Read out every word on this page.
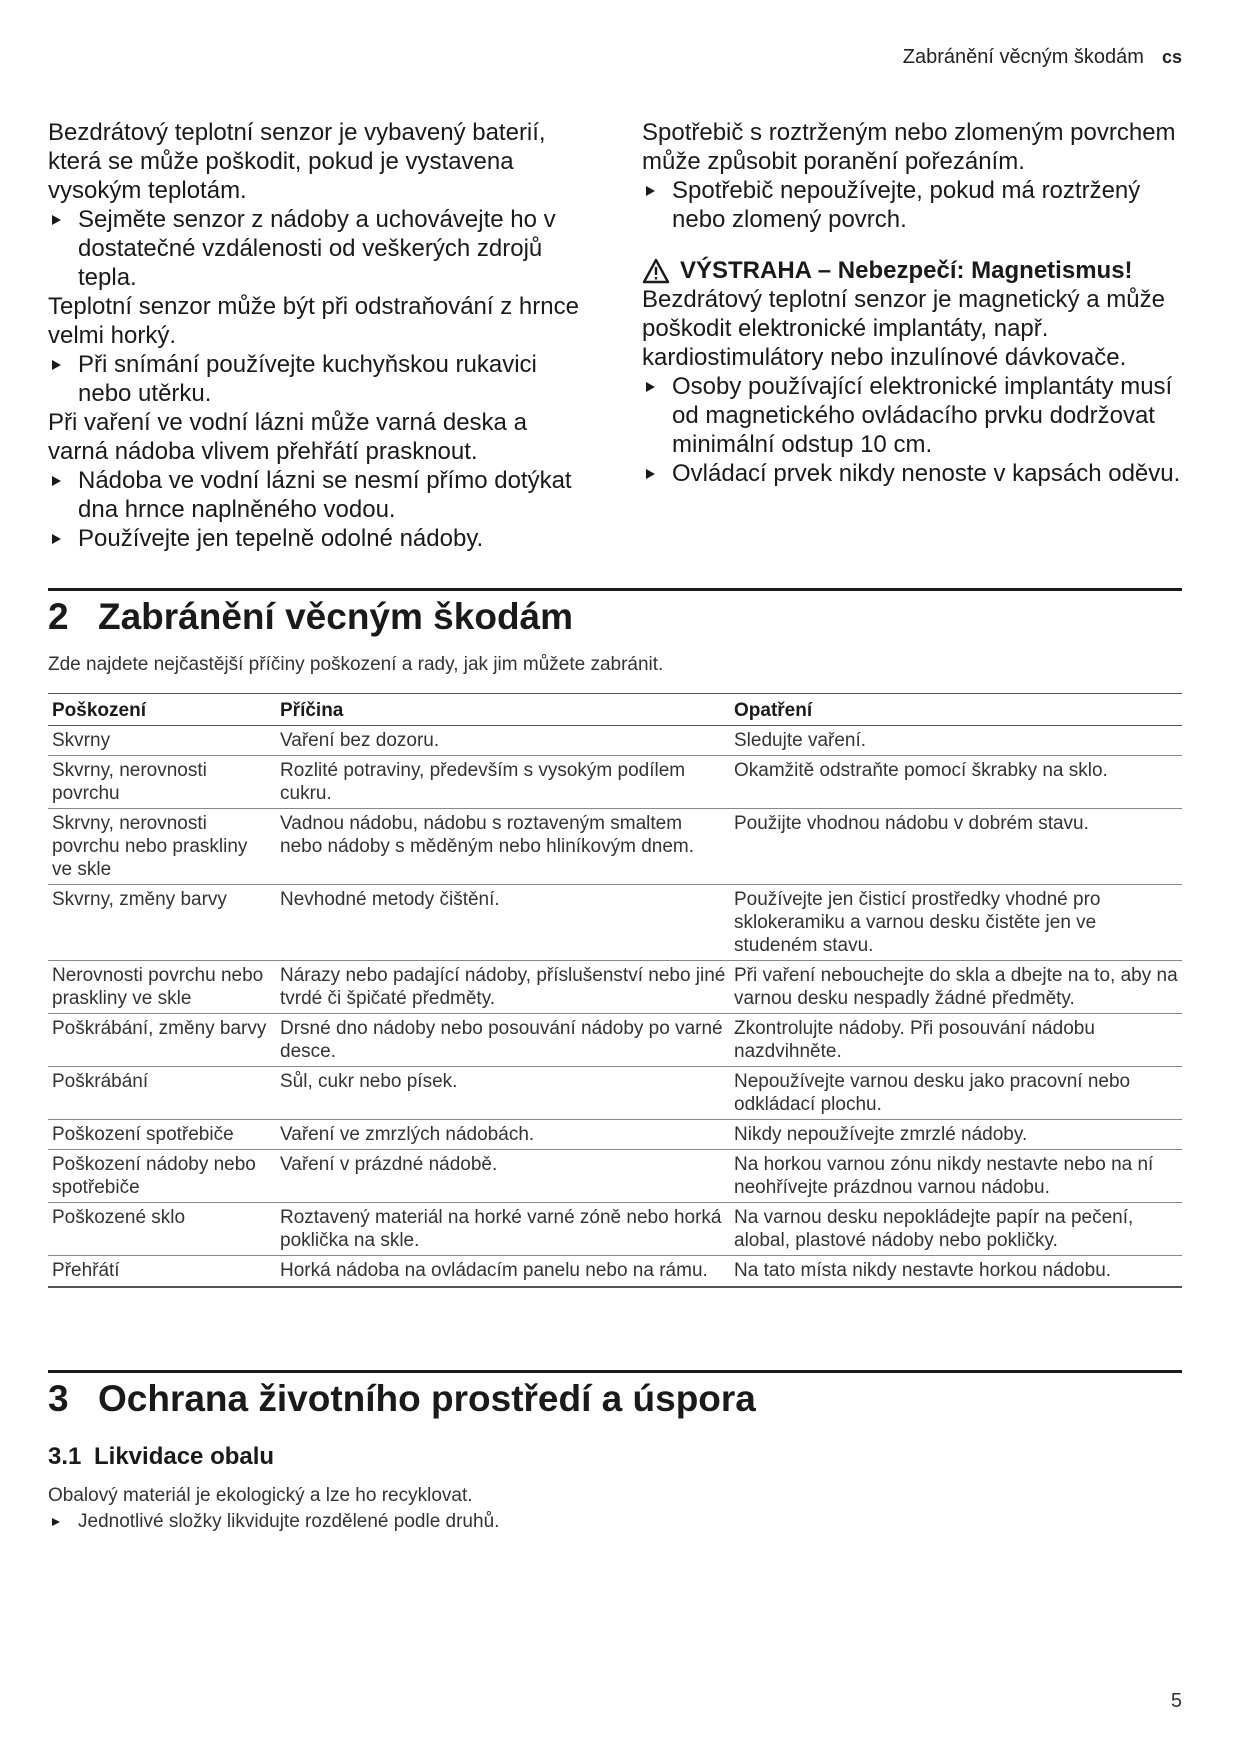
Zabránění věcným škodám cs

Bezdrátový teplotní senzor je vybavený baterií, která se může poškodit, pokud je vystavena vysokým teplotám.

Sejměte senzor z nádoby a uchovávejte ho v dostatečné vzdálenosti od veškerých zdrojů tepla.

Teplotní senzor může být při odstraňování z hrnce velmi horký.

Při snímání používejte kuchyňskou rukavici nebo utěrku.

Při vaření ve vodní lázni může varná deska a varná nádoba vlivem přehřátí prasknout.

Nádoba ve vodní lázni se nesmí přímo dotýkat dna hrnce naplněného vodou.

Používejte jen tepelně odolné nádoby.

Spotřebič s roztrženým nebo zlomeným povrchem může způsobit poranění pořezáním.

Spotřebič nepoužívejte, pokud má roztržený nebo zlomený povrch.

VÝSTRAHA – Nebezpečí: Magnetismus!

Bezdrátový teplotní senzor je magnetický a může poškodit elektronické implantáty, např. kardiostimulátory nebo inzulínové dávkovače.

Osoby používající elektronické implantáty musí od magnetického ovládacího prvku dodržovat minimální odstup 10 cm.

Ovládací prvek nikdy nenoste v kapsách oděvu.

2 Zabránění věcným škodám

Zde najdete nejčastější příčiny poškození a rady, jak jim můžete zabránit.

Poškození	Příčina	Opatření
Skvrny	Vaření bez dozoru.	Sledujte vaření.
Skvrny, nerovnosti povrchu	Rozlité potraviny, především s vysokým podílem cukru.	Okamžitě odstraňte pomocí škrabky na sklo.
Skrvny, nerovnosti povrchu nebo praskliny ve skle	Vadnou nádobu, nádobu s roztaveným smaltem nebo nádoby s měděným nebo hliníkovým dnem.	Použijte vhodnou nádobu v dobrém stavu.
Skvrny, změny barvy	Nevhodné metody čištění.	Používejte jen čisticí prostředky vhodné pro sklokeramiku a varnou desku čistěte jen ve studeném stavu.
Nerovnosti povrchu nebo praskliny ve skle	Nárazy nebo padající nádoby, příslušenství nebo jiné tvrdé či špičaté předměty.	Při vaření nebouchejte do skla a dbejte na to, aby na varnou desku nespadly žádné předměty.
Poškrábání, změny barvy	Drsné dno nádoby nebo posouvání nádoby po varné desce.	Zkontrolujte nádoby. Při posouvání nádobu nazdvihněte.
Poškrábání	Sůl, cukr nebo písek.	Nepoužívejte varnou desku jako pracovní nebo odkládací plochu.
Poškození spotřebiče	Vaření ve zmrzlých nádobách.	Nikdy nepoužívejte zmrzlé nádoby.
Poškození nádoby nebo spotřebiče	Vaření v prázdné nádobě.	Na horkou varnou zónu nikdy nestavte nebo na ní neohřívejte prázdnou varnou nádobu.
Poškozené sklo	Roztavený materiál na horké varné zóně nebo horká poklička na skle.	Na varnou desku nepokládejte papír na pečení, alobal, plastové nádoby nebo pokličky.
Přehřátí	Horká nádoba na ovládacím panelu nebo na rámu.	Na tato místa nikdy nestavte horkou nádobu.
3 Ochrana životního prostředí a úspora
3.1 Likvidace obalu

Obalový materiál je ekologický a lze ho recyklovat.

Jednotlivé složky likvidujte rozdělené podle druhů.

5
